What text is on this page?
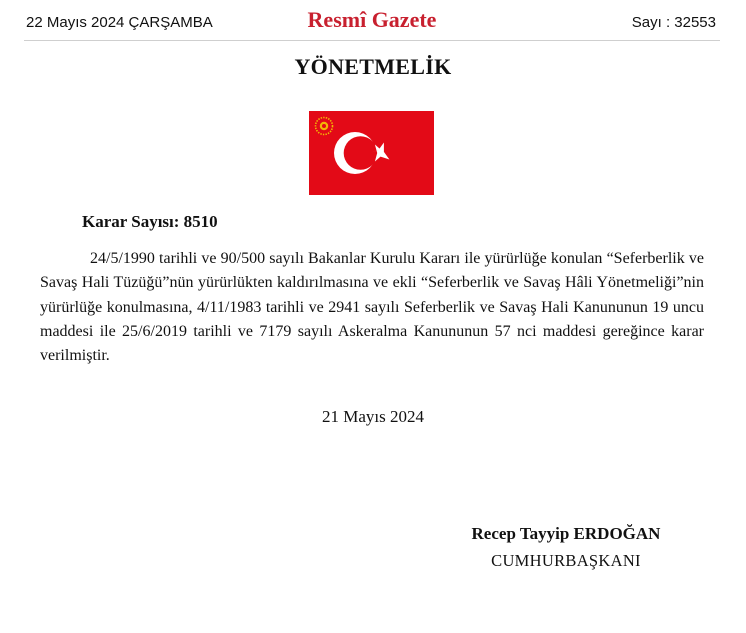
22 Mayıs 2024 ÇARŞAMBA	Resmî Gazete	Sayı : 32553
YÖNETMELİK
Karar Sayısı: 8510

24/5/1990 tarihli ve 90/500 sayılı Bakanlar Kurulu Kararı ile yürürlüğe konulan “Seferberlik ve Savaş Hali Tüzüğü”nün yürürlükten kaldırılmasına ve ekli “Seferberlik ve Savaş Hâli Yönetmeliği”nin yürürlüğe konulmasına, 4/11/1983 tarihli ve 2941 sayılı Seferberlik ve Savaş Hali Kanununun 19 uncu maddesi ile 25/6/2019 tarihli ve 7179 sayılı Askeralma Kanununun 57 nci maddesi gereğince karar verilmiştir.

21 Mayıs 2024
Recep Tayyip ERDOĞAN
CUMHURBAŞKANI
